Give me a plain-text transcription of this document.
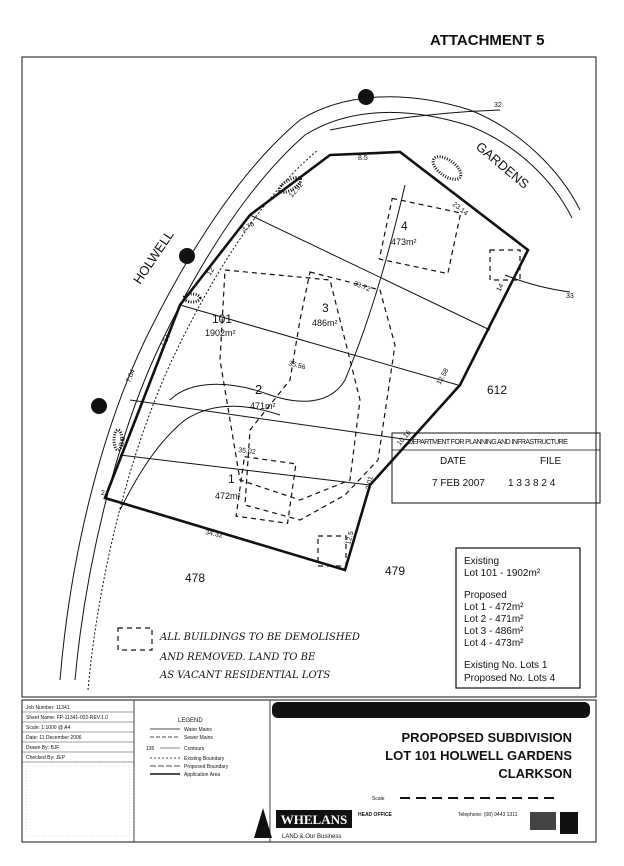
ATTACHMENT 5
HOLWELL
GARDENS
101
1902m²
3
486m²
4
473m²
2
471m²
1
472m²
612
478	479
8.5
12.92
23.14
3.76
12
33.72	14
7.64
35.56
12.58
7.04
2.6
35.02
10.16
2.01
2
34.32	12.5
32
33
DEPARTMENT FOR PLANNING AND INFRASTRUCTURE
DATE	FILE
7 FEB 2007 1 3 3 8 2 4
Existing
Lot 101 - 1902m²
Proposed
Lot 1 - 472m²
Lot 2 - 471m²
Lot 3 - 486m²
Lot 4 - 473m²
Existing No. Lots 1
Proposed No. Lots 4
ALL BUILDINGS TO BE DEMOLISHED
AND REMOVED. LAND TO BE
AS VACANT RESIDENTIAL LOTS
Job Number: 11341
Sheet Name: FP-11341-002-REV.1.0
Scale: 1:1000 @ A4
Date: 11 December 2006
Drawn By: BJF
Checked By: JEP
LEGEND
Water Mains
Sewer Mains
135	Contours
Existing Boundary
Proposed Boundary
Application Area
PROPOPSED SUBDIVISION
LOT 101 HOLWELL GARDENS
CLARKSON
Scale
WHELANS
LAND & Our Business
HEAD OFFICE	Telephone: (08) 9443 1311
